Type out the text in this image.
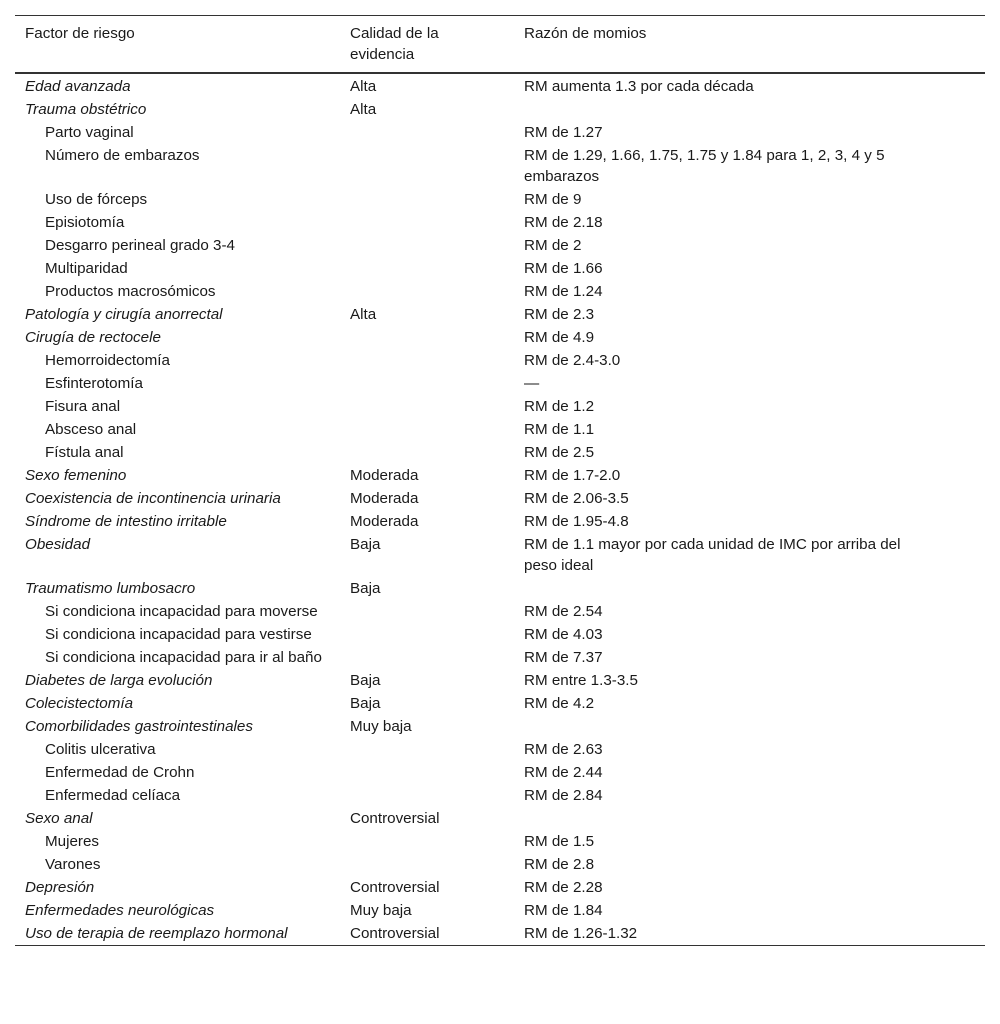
Factor de riesgo	Calidad de la evidencia	Razón de momios
Edad avanzada	Alta	RM aumenta 1.3 por cada década
Trauma obstétrico	Alta	
Parto vaginal		RM de 1.27
Número de embarazos		RM de 1.29, 1.66, 1.75, 1.75 y 1.84 para 1, 2, 3, 4 y 5 embarazos
Uso de fórceps		RM de 9
Episiotomía		RM de 2.18
Desgarro perineal grado 3-4		RM de 2
Multiparidad		RM de 1.66
Productos macrosómicos		RM de 1.24
Patología y cirugía anorrectal	Alta	RM de 2.3
Cirugía de rectocele		RM de 4.9
Hemorroidectomía		RM de 2.4-3.0
Esfinterotomía		—
Fisura anal		RM de 1.2
Absceso anal		RM de 1.1
Fístula anal		RM de 2.5
Sexo femenino	Moderada	RM de 1.7-2.0
Coexistencia de incontinencia urinaria	Moderada	RM de 2.06-3.5
Síndrome de intestino irritable	Moderada	RM de 1.95-4.8
Obesidad	Baja	RM de 1.1 mayor por cada unidad de IMC por arriba del peso ideal
Traumatismo lumbosacro	Baja	
Si condiciona incapacidad para moverse		RM de 2.54
Si condiciona incapacidad para vestirse		RM de 4.03
Si condiciona incapacidad para ir al baño		RM de 7.37
Diabetes de larga evolución	Baja	RM entre 1.3-3.5
Colecistectomía	Baja	RM de 4.2
Comorbilidades gastrointestinales	Muy baja	
Colitis ulcerativa		RM de 2.63
Enfermedad de Crohn		RM de 2.44
Enfermedad celíaca		RM de 2.84
Sexo anal	Controversial	
Mujeres		RM de 1.5
Varones		RM de 2.8
Depresión	Controversial	RM de 2.28
Enfermedades neurológicas	Muy baja	RM de 1.84
Uso de terapia de reemplazo hormonal	Controversial	RM de 1.26-1.32
